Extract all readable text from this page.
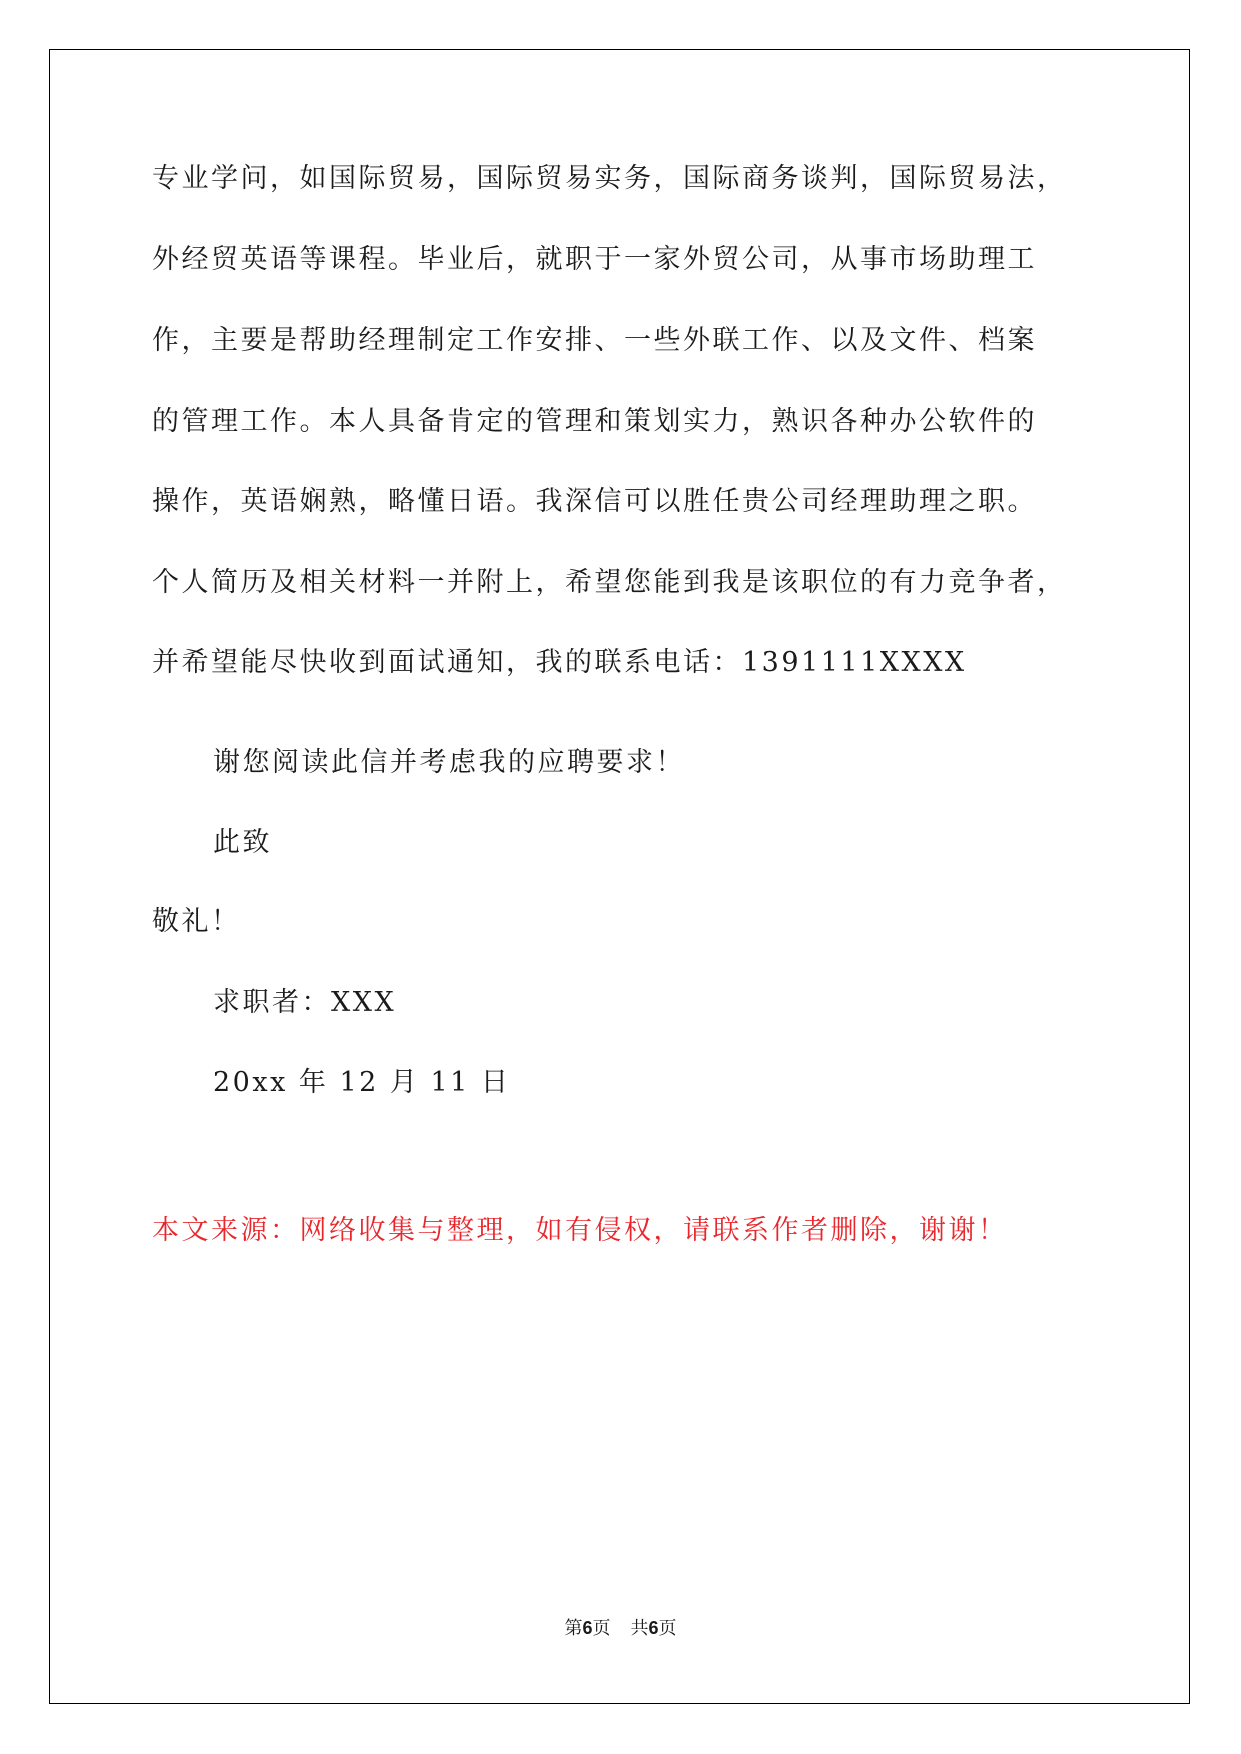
专业学问，如国际贸易，国际贸易实务，国际商务谈判，国际贸易法，
外经贸英语等课程。毕业后，就职于一家外贸公司，从事市场助理工
作，主要是帮助经理制定工作安排、一些外联工作、以及文件、档案
的管理工作。本人具备肯定的管理和策划实力，熟识各种办公软件的
操作，英语娴熟，略懂日语。我深信可以胜任贵公司经理助理之职。
个人简历及相关材料一并附上，希望您能到我是该职位的有力竞争者，
并希望能尽快收到面试通知，我的联系电话：1391111XXXX
谢您阅读此信并考虑我的应聘要求！
此致
敬礼！
求职者：XXX
20xx 年 12 月 11 日
本文来源：网络收集与整理，如有侵权，请联系作者删除，谢谢！
第6页 共6页
